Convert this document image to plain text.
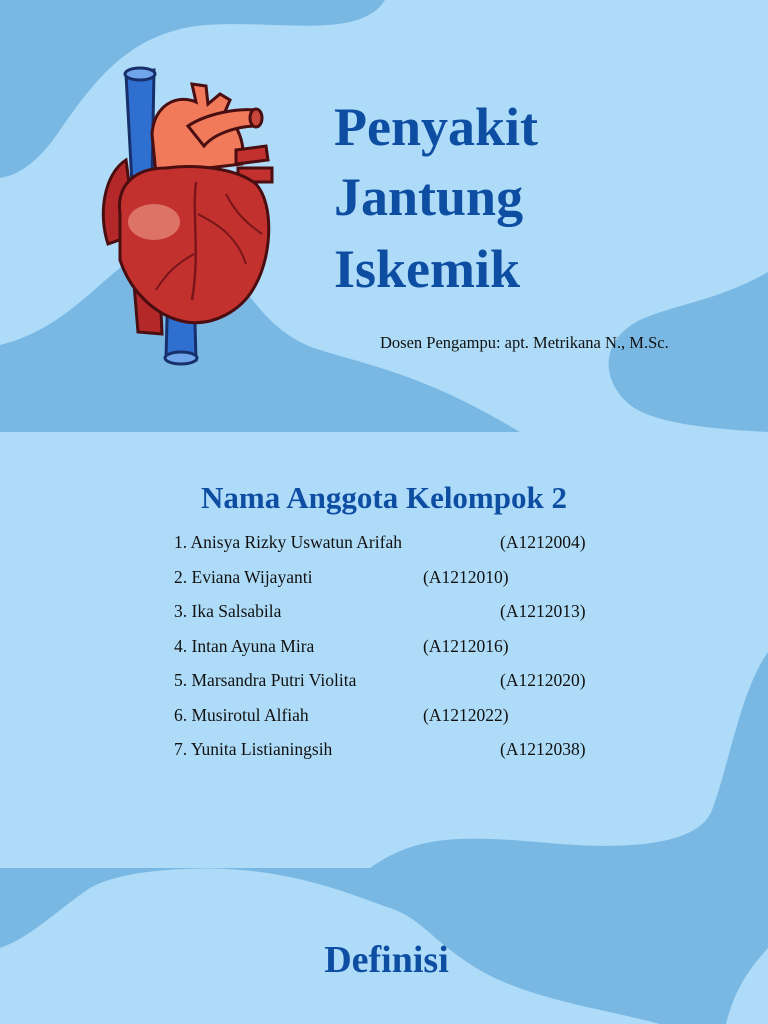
Penyakit
Jantung
Iskemik
Dosen Pengampu: apt. Metrikana N., M.Sc.
Nama Anggota Kelompok 2
1. Anisya Rizky Uswatun Arifah	(A1212004)
2. Eviana Wijayanti	(A1212010)
3. Ika Salsabila	(A1212013)
4. Intan Ayuna Mira	(A1212016)
5. Marsandra Putri Violita	(A1212020)
6. Musirotul Alfiah	(A1212022)
7. Yunita Listianingsih	(A1212038)
Definisi
